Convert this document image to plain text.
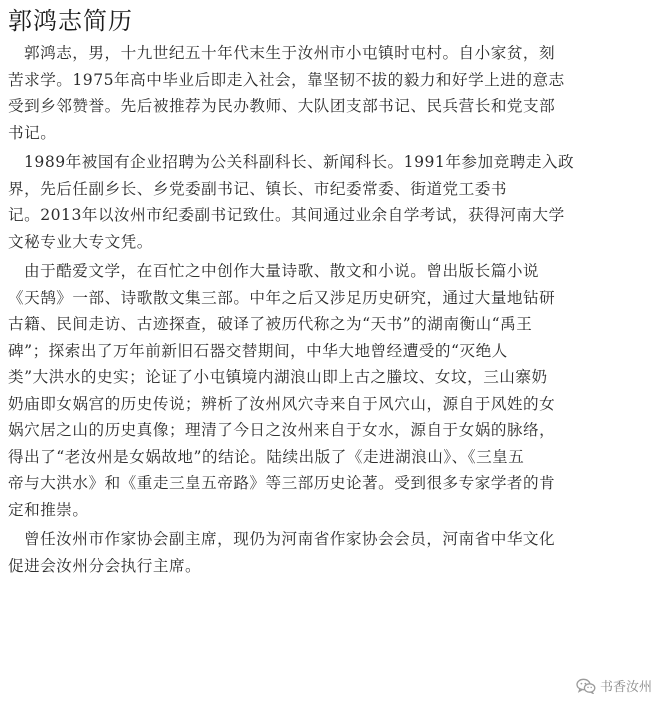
郭鸿志简历

郭鸿志，男，十九世纪五十年代末生于汝州市小屯镇时屯村。自小家贫，刻
苦求学。1975年高中毕业后即走入社会，靠坚韧不拔的毅力和好学上进的意志
受到乡邻赞誉。先后被推荐为民办教师、大队团支部书记、民兵营长和党支部
书记。

1989年被国有企业招聘为公关科副科长、新闻科长。1991年参加竞聘走入政
界，先后任副乡长、乡党委副书记、镇长、市纪委常委、街道党工委书
记。2013年以汝州市纪委副书记致仕。其间通过业余自学考试，获得河南大学
文秘专业大专文凭。

由于酷爱文学，在百忙之中创作大量诗歌、散文和小说。曾出版长篇小说
《天鹄》一部、诗歌散文集三部。中年之后又涉足历史研究，通过大量地钻研
古籍、民间走访、古迹探查，破译了被历代称之为“天书”的湖南衡山“禹王
碑”；探索出了万年前新旧石器交替期间，中华大地曾经遭受的“灭绝人
类”大洪水的史实；论证了小屯镇境内湖浪山即上古之螣坟、女坟，三山寨奶
奶庙即女娲宫的历史传说；辨析了汝州风穴寺来自于风穴山，源自于风姓的女
娲穴居之山的历史真像；理清了今日之汝州来自于女水，源自于女娲的脉络，
得出了“老汝州是女娲故地”的结论。陆续出版了《走进湖浪山》、《三皇五
帝与大洪水》和《重走三皇五帝路》等三部历史论著。受到很多专家学者的肯
定和推崇。

曾任汝州市作家协会副主席，现仍为河南省作家协会会员，河南省中华文化
促进会汝州分会执行主席。

书香汝州
